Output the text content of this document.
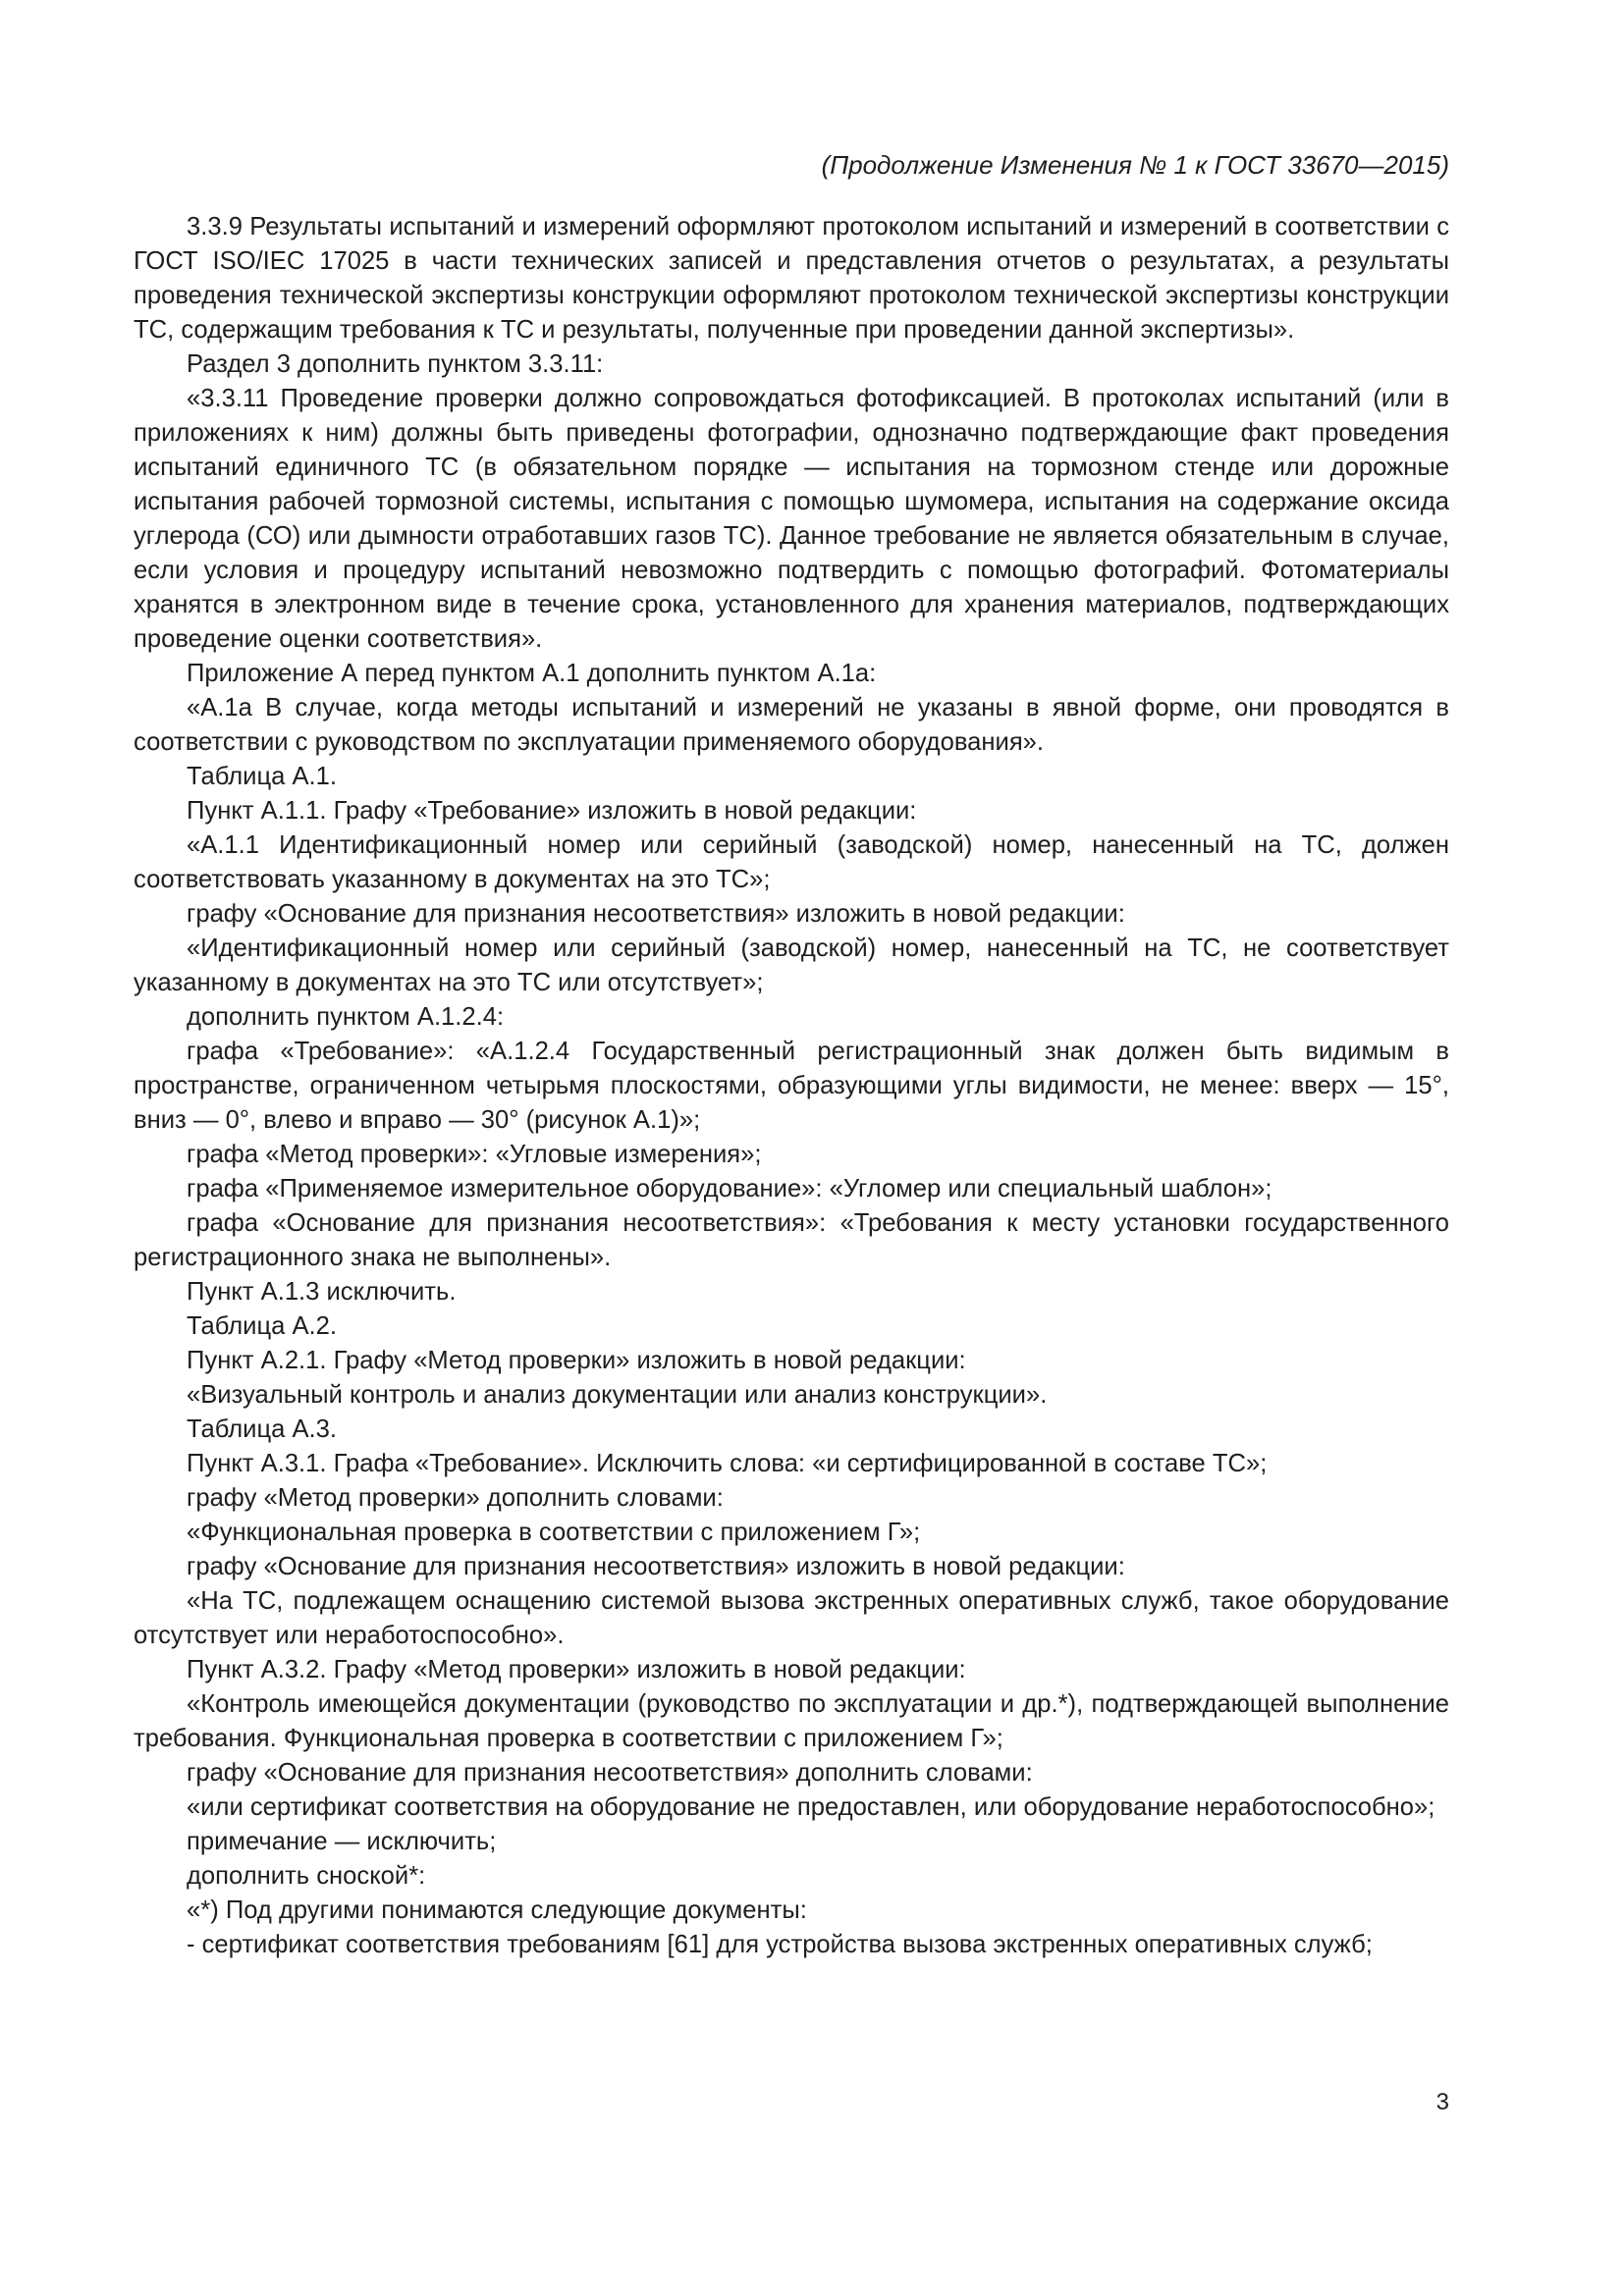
(Продолжение Изменения № 1 к ГОСТ 33670—2015)

3.3.9 Результаты испытаний и измерений оформляют протоколом испытаний и измерений в соответствии с ГОСТ ISO/IEC 17025 в части технических записей и представления отчетов о результатах, а результаты проведения технической экспертизы конструкции оформляют протоколом технической экспертизы конструкции ТС, содержащим требования к ТС и результаты, полученные при проведении данной экспертизы».

Раздел 3 дополнить пунктом 3.3.11:

«3.3.11 Проведение проверки должно сопровождаться фотофиксацией. В протоколах испытаний (или в приложениях к ним) должны быть приведены фотографии, однозначно подтверждающие факт проведения испытаний единичного ТС (в обязательном порядке — испытания на тормозном стенде или дорожные испытания рабочей тормозной системы, испытания с помощью шумомера, испытания на содержание оксида углерода (СО) или дымности отработавших газов ТС). Данное требование не является обязательным в случае, если условия и процедуру испытаний невозможно подтвердить с помощью фотографий. Фотоматериалы хранятся в электронном виде в течение срока, установленного для хранения материалов, подтверждающих проведение оценки соответствия».

Приложение А перед пунктом А.1 дополнить пунктом А.1а:

«А.1а В случае, когда методы испытаний и измерений не указаны в явной форме, они проводятся в соответствии с руководством по эксплуатации применяемого оборудования».

Таблица А.1.

Пункт А.1.1. Графу «Требование» изложить в новой редакции:

«А.1.1 Идентификационный номер или серийный (заводской) номер, нанесенный на ТС, должен соответствовать указанному в документах на это ТС»;

графу «Основание для признания несоответствия» изложить в новой редакции:

«Идентификационный номер или серийный (заводской) номер, нанесенный на ТС, не соответствует указанному в документах на это ТС или отсутствует»;

дополнить пунктом А.1.2.4:

графа «Требование»: «А.1.2.4 Государственный регистрационный знак должен быть видимым в пространстве, ограниченном четырьмя плоскостями, образующими углы видимости, не менее: вверх — 15°, вниз — 0°, влево и вправо — 30° (рисунок А.1)»;

графа «Метод проверки»: «Угловые измерения»;

графа «Применяемое измерительное оборудование»: «Угломер или специальный шаблон»;

графа «Основание для признания несоответствия»: «Требования к месту установки государственного регистрационного знака не выполнены».

Пункт А.1.3 исключить.

Таблица А.2.

Пункт А.2.1. Графу «Метод проверки» изложить в новой редакции:

«Визуальный контроль и анализ документации или анализ конструкции».

Таблица А.3.

Пункт А.3.1. Графа «Требование». Исключить слова: «и сертифицированной в составе ТС»;

графу «Метод проверки» дополнить словами:

«Функциональная проверка в соответствии с приложением Г»;

графу «Основание для признания несоответствия» изложить в новой редакции:

«На ТС, подлежащем оснащению системой вызова экстренных оперативных служб, такое оборудование отсутствует или неработоспособно».

Пункт А.3.2. Графу «Метод проверки» изложить в новой редакции:

«Контроль имеющейся документации (руководство по эксплуатации и др.*), подтверждающей выполнение требования. Функциональная проверка в соответствии с приложением Г»;

графу «Основание для признания несоответствия» дополнить словами:

«или сертификат соответствия на оборудование не предоставлен, или оборудование неработоспособно»;

примечание — исключить;

дополнить сноской*:

«*) Под другими понимаются следующие документы:

- сертификат соответствия требованиям [61] для устройства вызова экстренных оперативных служб;

3
